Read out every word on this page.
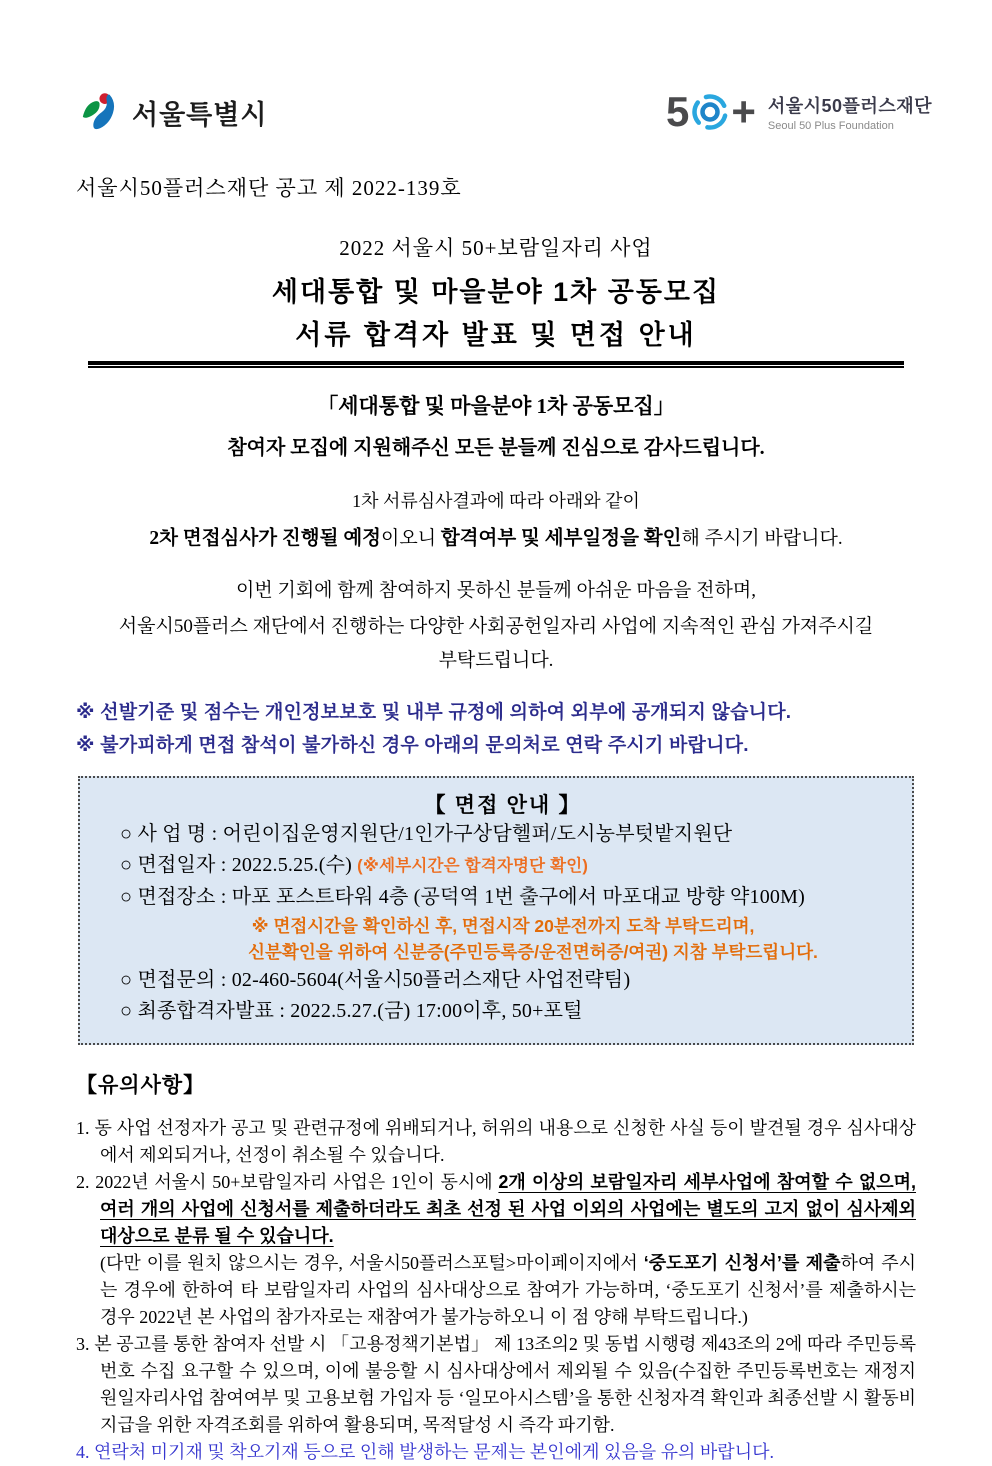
서울특별시	5 + 서울시50플러스재단
Seoul 50 Plus Foundation
서울시50플러스재단 공고 제 2022-139호
2022 서울시 50+보람일자리 사업
세대통합 및 마을분야 1차 공동모집
서류 합격자 발표 및 면접 안내
「세대통합 및 마을분야 1차 공동모집」
참여자 모집에 지원해주신 모든 분들께 진심으로 감사드립니다.
1차 서류심사결과에 따라 아래와 같이
2차 면접심사가 진행될 예정이오니 합격여부 및 세부일정을 확인해 주시기 바랍니다.
이번 기회에 함께 참여하지 못하신 분들께 아쉬운 마음을 전하며,
서울시50플러스 재단에서 진행하는 다양한 사회공헌일자리 사업에 지속적인 관심 가져주시길
부탁드립니다.
※ 선발기준 및 점수는 개인정보보호 및 내부 규정에 의하여 외부에 공개되지 않습니다.
※ 불가피하게 면접 참석이 불가하신 경우 아래의 문의처로 연락 주시기 바랍니다.
【 면접 안내 】
○ 사 업 명 : 어린이집운영지원단/1인가구상담헬퍼/도시농부텃밭지원단
○ 면접일자 : 2022.5.25.(수) (※세부시간은 합격자명단 확인)
○ 면접장소 : 마포 포스트타워 4층 (공덕역 1번 출구에서 마포대교 방향 약100M)
※ 면접시간을 확인하신 후, 면접시작 20분전까지 도착 부탁드리며,
신분확인을 위하여 신분증(주민등록증/운전면허증/여권) 지참 부탁드립니다.
○ 면접문의 : 02-460-5604(서울시50플러스재단 사업전략팀)
○ 최종합격자발표 : 2022.5.27.(금) 17:00이후, 50+포털
【유의사항】
1. 동 사업 선정자가 공고 및 관련규정에 위배되거나, 허위의 내용으로 신청한 사실 등이 발견될 경우 심사대상에서 제외되거나, 선정이 취소될 수 있습니다.
2. 2022년 서울시 50+보람일자리 사업은 1인이 동시에 2개 이상의 보람일자리 세부사업에 참여할 수 없으며, 여러 개의 사업에 신청서를 제출하더라도 최초 선정 된 사업 이외의 사업에는 별도의 고지 없이 심사제외 대상으로 분류 될 수 있습니다.
(다만 이를 원치 않으시는 경우, 서울시50플러스포털>마이페이지에서 ‘중도포기 신청서’를 제출하여 주시는 경우에 한하여 타 보람일자리 사업의 심사대상으로 참여가 가능하며, ‘중도포기 신청서’를 제출하시는 경우 2022년 본 사업의 참가자로는 재참여가 불가능하오니 이 점 양해 부탁드립니다.)
3. 본 공고를 통한 참여자 선발 시 「고용정책기본법」 제 13조의2 및 동법 시행령 제43조의 2에 따라 주민등록번호 수집 요구할 수 있으며, 이에 불응할 시 심사대상에서 제외될 수 있음(수집한 주민등록번호는 재정지원일자리사업 참여여부 및 고용보험 가입자 등 ‘일모아시스템’을 통한 신청자격 확인과 최종선발 시 활동비 지급을 위한 자격조회를 위하여 활용되며, 목적달성 시 즉각 파기함.
4. 연락처 미기재 및 착오기재 등으로 인해 발생하는 문제는 본인에게 있음을 유의 바랍니다.
